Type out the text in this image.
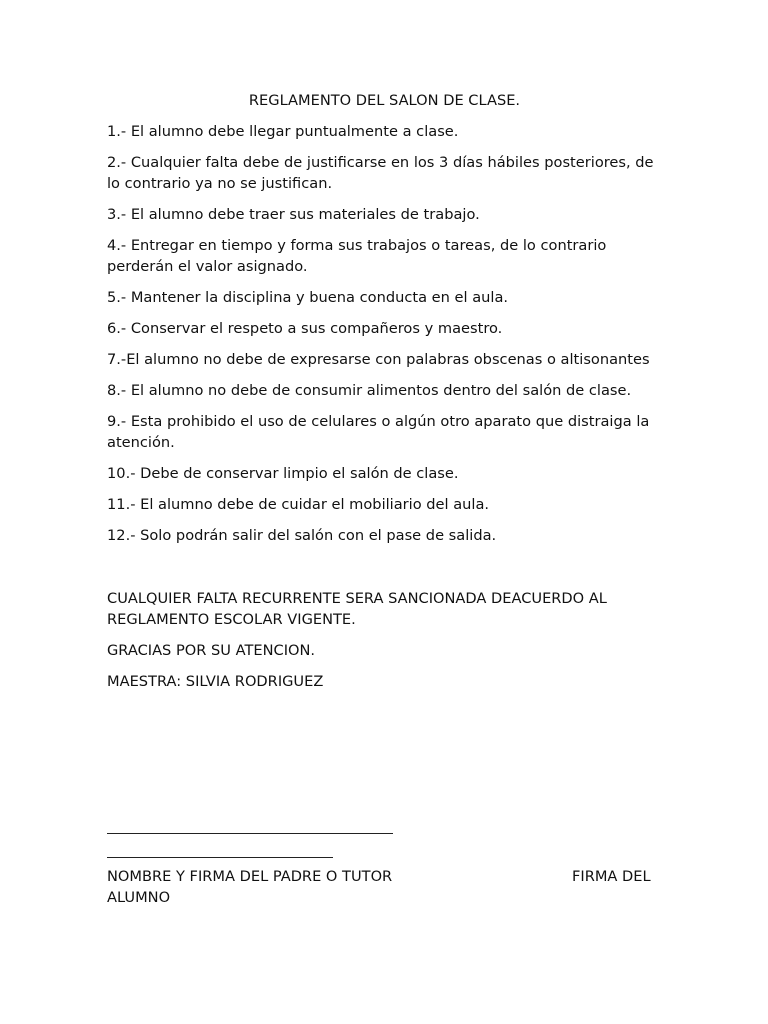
REGLAMENTO DEL SALON DE CLASE.

1.- El alumno debe llegar puntualmente a clase.

2.- Cualquier falta debe de justificarse en los 3 días hábiles posteriores, de lo contrario ya no se justifican.

3.- El alumno debe traer sus materiales de trabajo.

4.- Entregar en tiempo y forma sus trabajos o tareas, de lo contrario perderán el valor asignado.

5.- Mantener la disciplina y buena conducta en el aula.

6.- Conservar el respeto a sus compañeros y maestro.

7.-El alumno no debe de expresarse con palabras obscenas o altisonantes

8.- El alumno no debe de consumir alimentos dentro del salón de clase.

9.- Esta prohibido el uso de celulares o algún otro aparato que distraiga la atención.

10.- Debe de conservar limpio el salón de clase.

11.- El alumno debe de cuidar el mobiliario del aula.

12.- Solo podrán salir del salón con el pase de salida.

CUALQUIER FALTA RECURRENTE SERA SANCIONADA DEACUERDO AL REGLAMENTO ESCOLAR VIGENTE.

GRACIAS POR SU ATENCION.

MAESTRA: SILVIA RODRIGUEZ

NOMBRE Y FIRMA DEL PADRE O TUTOR	FIRMA DEL
ALUMNO
